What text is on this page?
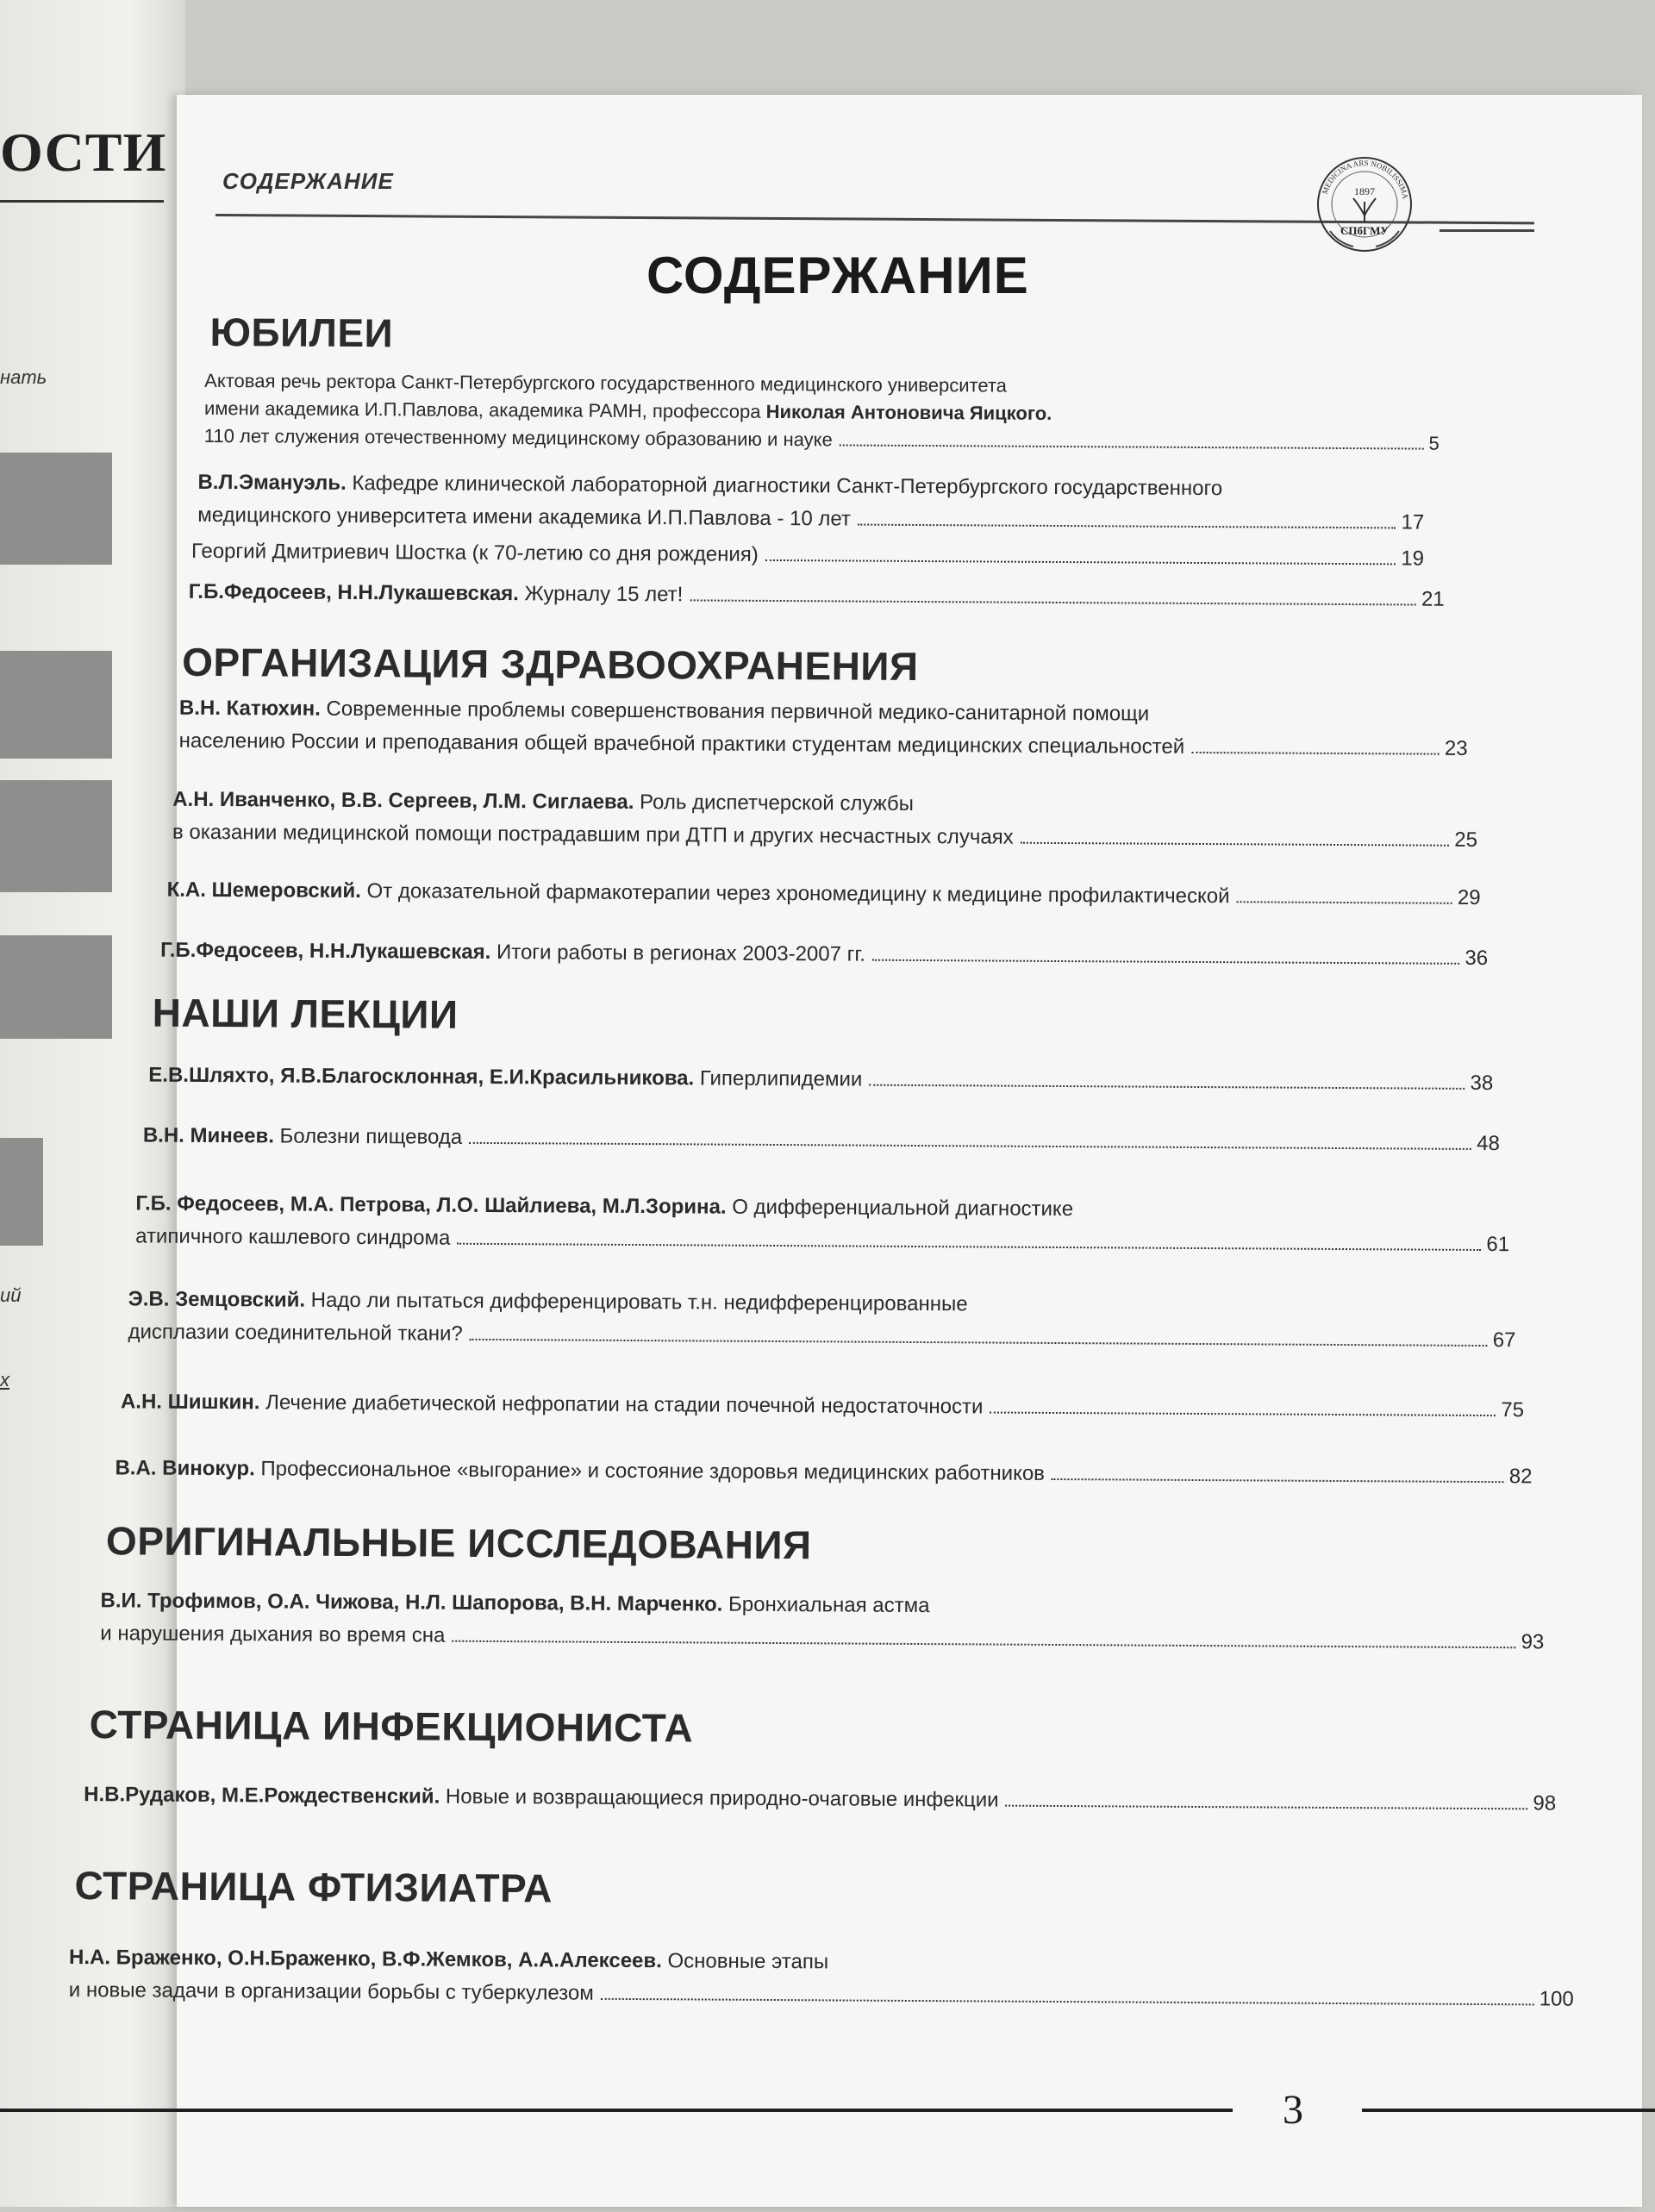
ОСТИ
нать
ий
х
СОДЕРЖАНИЕ	MEDICINA ARS NOBILISSIMA
1897
СПбГМУ
СОДЕРЖАНИЕ
ЮБИЛЕИ
Актовая речь ректора Санкт-Петербургского государственного медицинского университета
имени академика И.П.Павлова, академика РАМН, профессора Николая Антоновича Яицкого.
110 лет служения отечественному медицинскому образованию и науке	5
В.Л.Эмануэль. Кафедре клинической лабораторной диагностики Санкт-Петербургского государственного
медицинского университета имени академика И.П.Павлова - 10 лет	17
Георгий Дмитриевич Шостка (к 70-летию со дня рождения)	19
Г.Б.Федосеев, Н.Н.Лукашевская. Журналу 15 лет!	21
ОРГАНИЗАЦИЯ ЗДРАВООХРАНЕНИЯ
В.Н. Катюхин. Современные проблемы совершенствования первичной медико-санитарной помощи
населению России и преподавания общей врачебной практики студентам медицинских специальностей	23
А.Н. Иванченко, В.В. Сергеев, Л.М. Сиглаева. Роль диспетчерской службы
в оказании медицинской помощи пострадавшим при ДТП и других несчастных случаях	25
К.А. Шемеровский. От доказательной фармакотерапии через хрономедицину к медицине профилактической	29
Г.Б.Федосеев, Н.Н.Лукашевская. Итоги работы в регионах 2003-2007 гг.	36
НАШИ ЛЕКЦИИ
Е.В.Шляхто, Я.В.Благосклонная, Е.И.Красильникова. Гиперлипидемии	38
В.Н. Минеев. Болезни пищевода	48
Г.Б. Федосеев, М.А. Петрова, Л.О. Шайлиева, М.Л.Зорина. О дифференциальной диагностике
атипичного кашлевого синдрома	61
Э.В. Земцовский. Надо ли пытаться дифференцировать т.н. недифференцированные
дисплазии соединительной ткани?	67
А.Н. Шишкин. Лечение диабетической нефропатии на стадии почечной недостаточности	75
В.А. Винокур. Профессиональное «выгорание» и состояние здоровья медицинских работников	82
ОРИГИНАЛЬНЫЕ ИССЛЕДОВАНИЯ
В.И. Трофимов, О.А. Чижова, Н.Л. Шапорова, В.Н. Марченко. Бронхиальная астма
и нарушения дыхания во время сна	93
СТРАНИЦА ИНФЕКЦИОНИСТА
Н.В.Рудаков, М.Е.Рождественский. Новые и возвращающиеся природно-очаговые инфекции	98
СТРАНИЦА ФТИЗИАТРА
Н.А. Браженко, О.Н.Браженко, В.Ф.Жемков, А.А.Алексеев. Основные этапы
и новые задачи в организации борьбы с туберкулезом	100
3
